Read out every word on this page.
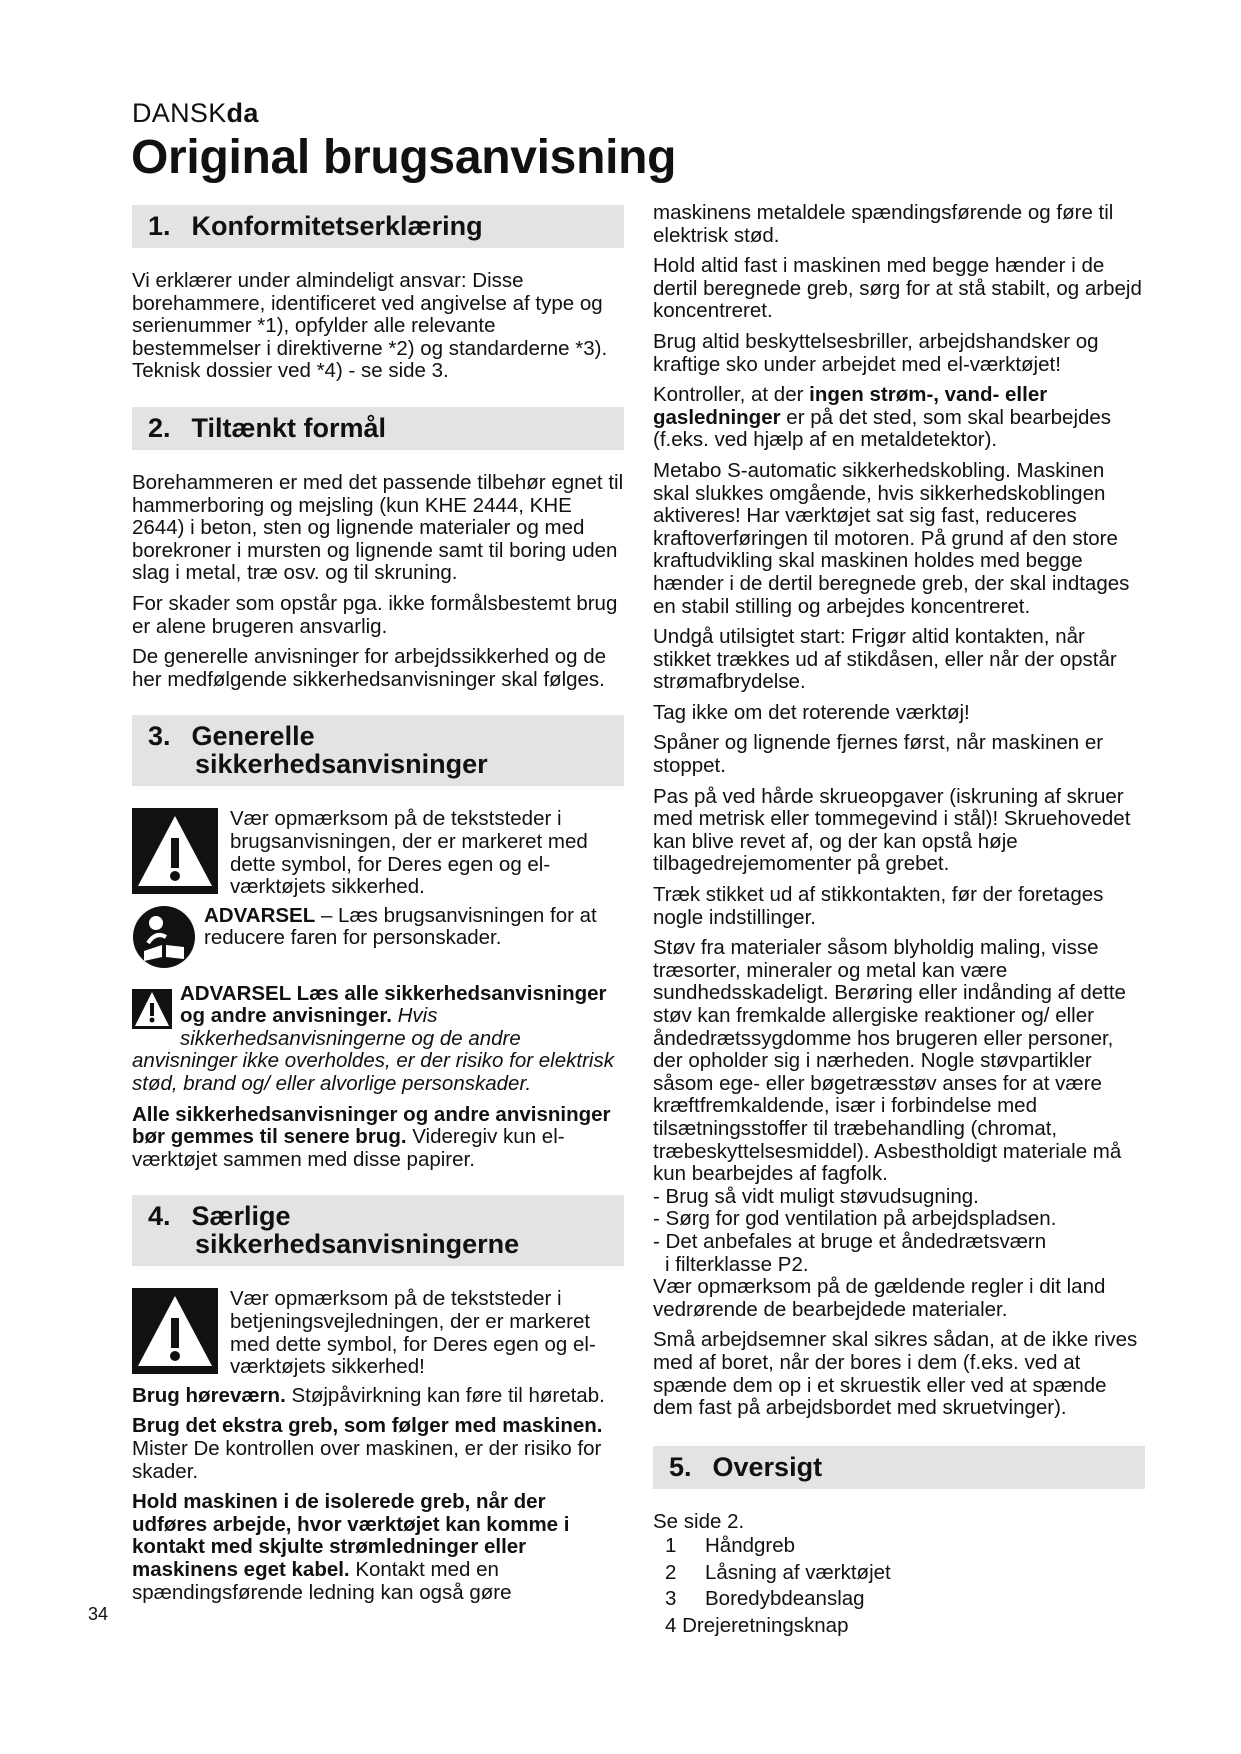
DANSKda
Original brugsanvisning
1. Konformitetserklæring

Vi erklærer under almindeligt ansvar: Disse borehammere, identificeret ved angivelse af type og serienummer *1), opfylder alle relevante bestemmelser i direktiverne *2) og standarderne *3). Teknisk dossier ved *4) - se side 3.

2. Tiltænkt formål

Borehammeren er med det passende tilbehør egnet til hammerboring og mejsling (kun KHE 2444, KHE 2644) i beton, sten og lignende materialer og med borekroner i mursten og lignende samt til boring uden slag i metal, træ osv. og til skruning.

For skader som opstår pga. ikke formålsbestemt brug er alene brugeren ansvarlig.

De generelle anvisninger for arbejdssikkerhed og de her medfølgende sikkerhedsanvisninger skal følges.

3. Generelle
sikkerhedsanvisninger
Vær opmærksom på de tekststeder i brugsanvisningen, der er markeret med dette symbol, for Deres egen og el-værktøjets sikkerhed.
ADVARSEL – Læs brugsanvisningen for at reducere faren for personskader.

ADVARSEL Læs alle sikkerhedsanvisninger og andre anvisninger. Hvis sikkerhedsanvisningerne og de andre anvisninger ikke overholdes, er der risiko for elektrisk stød, brand og/ eller alvorlige personskader.

Alle sikkerhedsanvisninger og andre anvisninger bør gemmes til senere brug. Videregiv kun el-værktøjet sammen med disse papirer.

4. Særlige
sikkerhedsanvisningerne
Vær opmærksom på de tekststeder i betjeningsvejledningen, der er markeret med dette symbol, for Deres egen og el-værktøjets sikkerhed!

Brug høreværn. Støjpåvirkning kan føre til høretab.

Brug det ekstra greb, som følger med maskinen. Mister De kontrollen over maskinen, er der risiko for skader.

Hold maskinen i de isolerede greb, når der udføres arbejde, hvor værktøjet kan komme i kontakt med skjulte strømledninger eller maskinens eget kabel. Kontakt med en spændingsførende ledning kan også gøre

maskinens metaldele spændingsførende og føre til elektrisk stød.

Hold altid fast i maskinen med begge hænder i de dertil beregnede greb, sørg for at stå stabilt, og arbejd koncentreret.

Brug altid beskyttelsesbriller, arbejdshandsker og kraftige sko under arbejdet med el-værktøjet!

Kontroller, at der ingen strøm-, vand- eller gasledninger er på det sted, som skal bearbejdes (f.eks. ved hjælp af en metaldetektor).

Metabo S-automatic sikkerhedskobling. Maskinen skal slukkes omgående, hvis sikkerhedskoblingen aktiveres! Har værktøjet sat sig fast, reduceres kraftoverføringen til motoren. På grund af den store kraftudvikling skal maskinen holdes med begge hænder i de dertil beregnede greb, der skal indtages en stabil stilling og arbejdes koncentreret.

Undgå utilsigtet start: Frigør altid kontakten, når stikket trækkes ud af stikdåsen, eller når der opstår strømafbrydelse.

Tag ikke om det roterende værktøj!

Spåner og lignende fjernes først, når maskinen er stoppet.

Pas på ved hårde skrueopgaver (iskruning af skruer med metrisk eller tommegevind i stål)! Skruehovedet kan blive revet af, og der kan opstå høje tilbagedrejemomenter på grebet.

Træk stikket ud af stikkontakten, før der foretages nogle indstillinger.

Støv fra materialer såsom blyholdig maling, visse træsorter, mineraler og metal kan være sundhedsskadeligt. Berøring eller indånding af dette støv kan fremkalde allergiske reaktioner og/ eller åndedrætssygdomme hos brugeren eller personer, der opholder sig i nærheden. Nogle støvpartikler såsom ege- eller bøgetræsstøv anses for at være kræftfremkaldende, især i forbindelse med tilsætningsstoffer til træbehandling (chromat, træbeskyttelsesmiddel). Asbestholdigt materiale må kun bearbejdes af fagfolk.

- Brug så vidt muligt støvudsugning.
- Sørg for god ventilation på arbejdspladsen.
- Det anbefales at bruge et åndedrætsværn
i filterklasse P2.

Vær opmærksom på de gældende regler i dit land vedrørende de bearbejdede materialer.

Små arbejdsemner skal sikres sådan, at de ikke rives med af boret, når der bores i dem (f.eks. ved at spænde dem op i et skruestik eller ved at spænde dem fast på arbejdsbordet med skruetvinger).

5. Oversigt

Se side 2.

1 Håndgreb
2 Låsning af værktøjet
3 Boredybdeanslag
4 Drejeretningsknap
34
